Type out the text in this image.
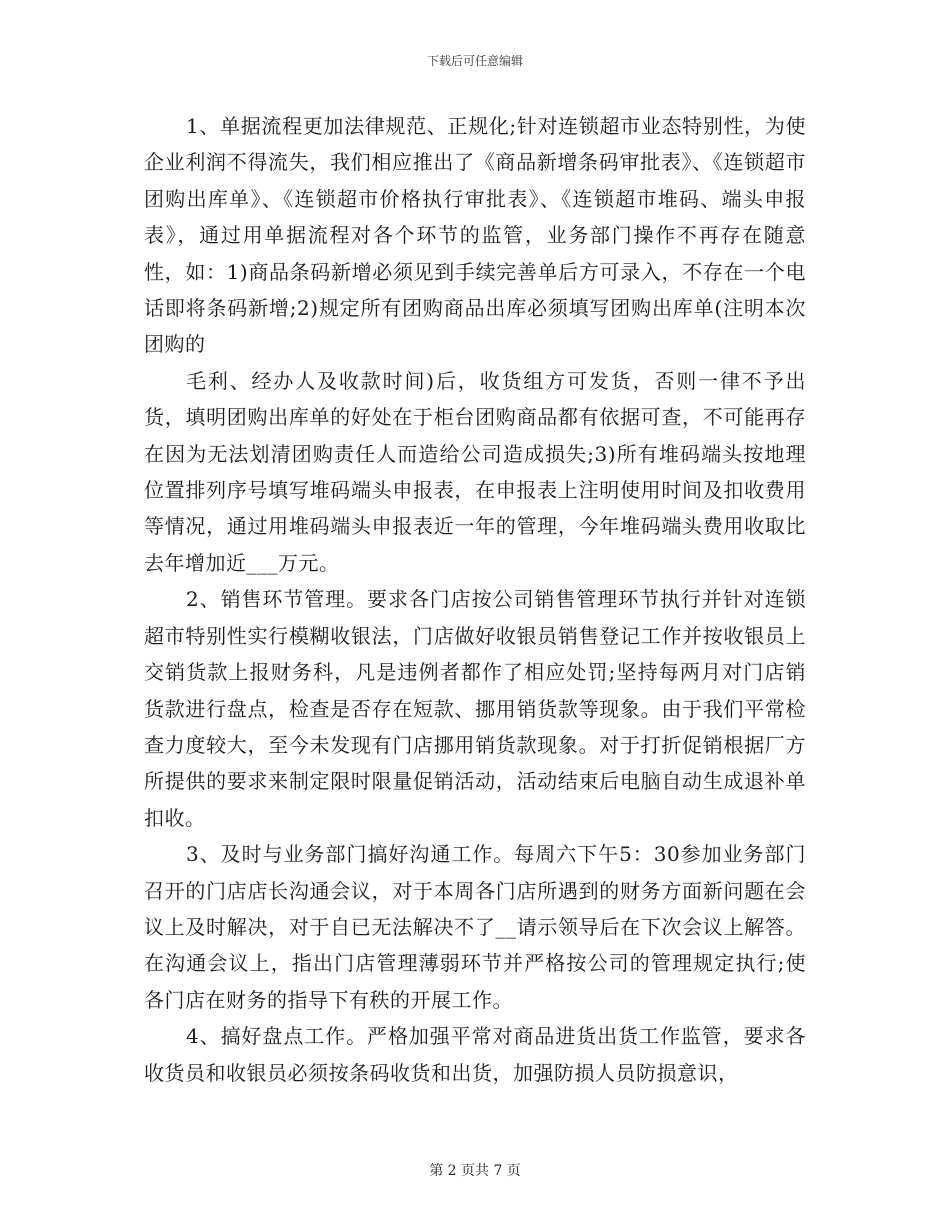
下载后可任意编辑

1、单据流程更加法律规范、正规化;针对连锁超市业态特别性，为使企业利润不得流失，我们相应推出了《商品新增条码审批表》、《连锁超市团购出库单》、《连锁超市价格执行审批表》、《连锁超市堆码、端头申报表》，通过用单据流程对各个环节的监管，业务部门操作不再存在随意性，如：1)商品条码新增必须见到手续完善单后方可录入，不存在一个电话即将条码新增;2)规定所有团购商品出库必须填写团购出库单(注明本次团购的

毛利、经办人及收款时间)后，收货组方可发货，否则一律不予出货，填明团购出库单的好处在于柜台团购商品都有依据可查，不可能再存在因为无法划清团购责任人而造给公司造成损失;3)所有堆码端头按地理位置排列序号填写堆码端头申报表，在申报表上注明使用时间及扣收费用等情况，通过用堆码端头申报表近一年的管理，今年堆码端头费用收取比去年增加近___万元。

2、销售环节管理。要求各门店按公司销售管理环节执行并针对连锁超市特别性实行模糊收银法，门店做好收银员销售登记工作并按收银员上交销货款上报财务科，凡是违例者都作了相应处罚;坚持每两月对门店销货款进行盘点，检查是否存在短款、挪用销货款等现象。由于我们平常检查力度较大，至今未发现有门店挪用销货款现象。对于打折促销根据厂方所提供的要求来制定限时限量促销活动，活动结束后电脑自动生成退补单扣收。

3、及时与业务部门搞好沟通工作。每周六下午5：30参加业务部门召开的门店店长沟通会议，对于本周各门店所遇到的财务方面新问题在会议上及时解决，对于自已无法解决不了__请示领导后在下次会议上解答。在沟通会议上，指出门店管理薄弱环节并严格按公司的管理规定执行;使各门店在财务的指导下有秩的开展工作。

4、搞好盘点工作。严格加强平常对商品进货出货工作监管，要求各收货员和收银员必须按条码收货和出货，加强防损人员防损意识，

第 2 页共 7 页
